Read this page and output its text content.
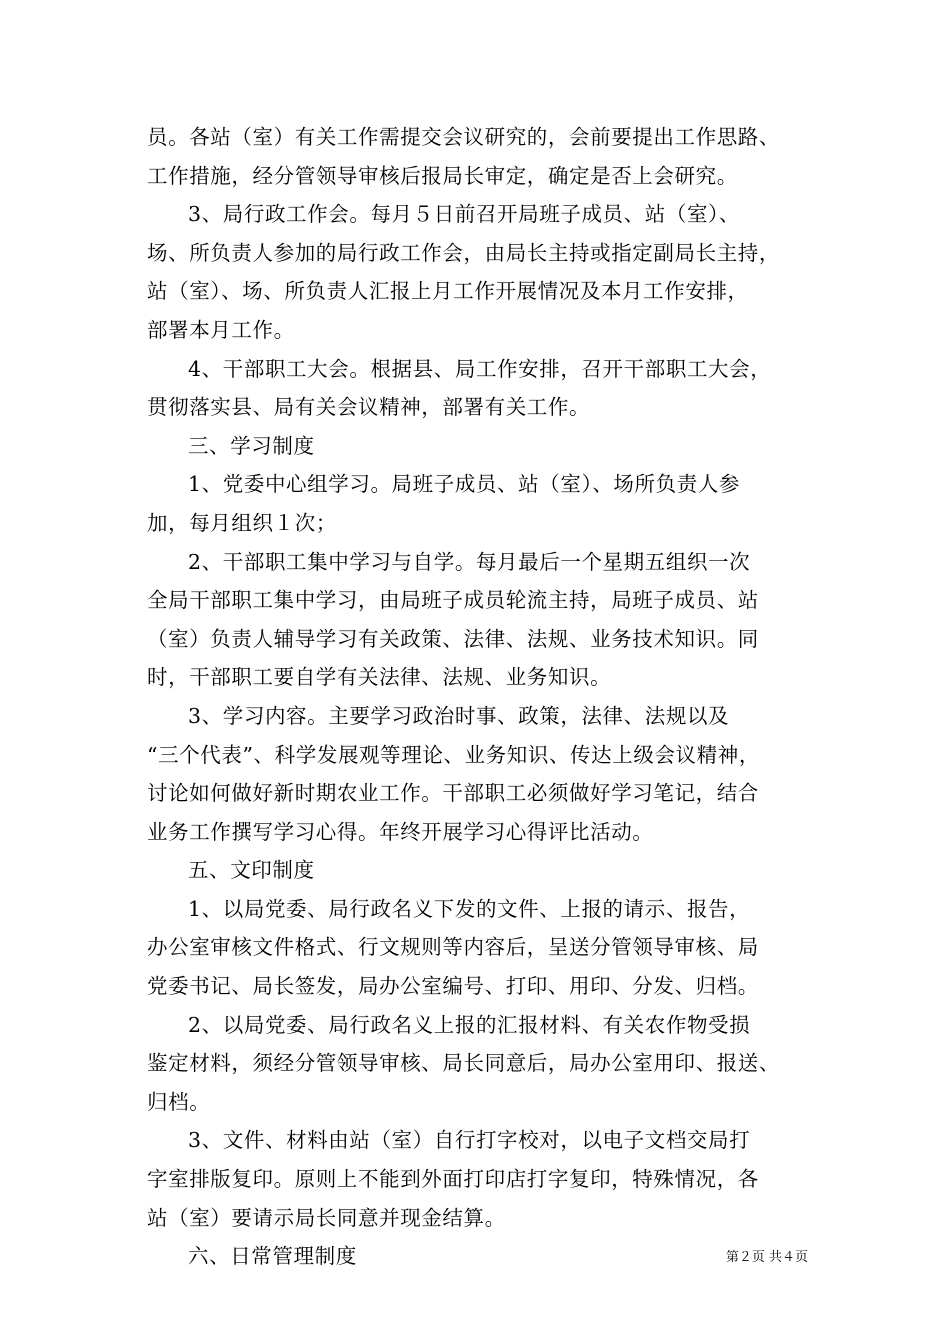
员。各站（室）有关工作需提交会议研究的，会前要提出工作思路、
工作措施，经分管领导审核后报局长审定，确定是否上会研究。
3、局行政工作会。每月５日前召开局班子成员、站（室）、
场、所负责人参加的局行政工作会，由局长主持或指定副局长主持，
站（室）、场、所负责人汇报上月工作开展情况及本月工作安排，
部署本月工作。
4、干部职工大会。根据县、局工作安排，召开干部职工大会，
贯彻落实县、局有关会议精神，部署有关工作。
三、学习制度
1、党委中心组学习。局班子成员、站（室）、场所负责人参
加，每月组织１次；
2、干部职工集中学习与自学。每月最后一个星期五组织一次
全局干部职工集中学习，由局班子成员轮流主持，局班子成员、站
（室）负责人辅导学习有关政策、法律、法规、业务技术知识。同
时，干部职工要自学有关法律、法规、业务知识。
3、学习内容。主要学习政治时事、政策，法律、法规以及
“三个代表”、科学发展观等理论、业务知识、传达上级会议精神，
讨论如何做好新时期农业工作。干部职工必须做好学习笔记，结合
业务工作撰写学习心得。年终开展学习心得评比活动。
五、文印制度
1、以局党委、局行政名义下发的文件、上报的请示、报告，
办公室审核文件格式、行文规则等内容后，呈送分管领导审核、局
党委书记、局长签发，局办公室编号、打印、用印、分发、归档。
2、以局党委、局行政名义上报的汇报材料、有关农作物受损
鉴定材料，须经分管领导审核、局长同意后，局办公室用印、报送、
归档。
3、文件、材料由站（室）自行打字校对，以电子文档交局打
字室排版复印。原则上不能到外面打印店打字复印，特殊情况，各
站（室）要请示局长同意并现金结算。
六、日常管理制度	第２页 共４页
